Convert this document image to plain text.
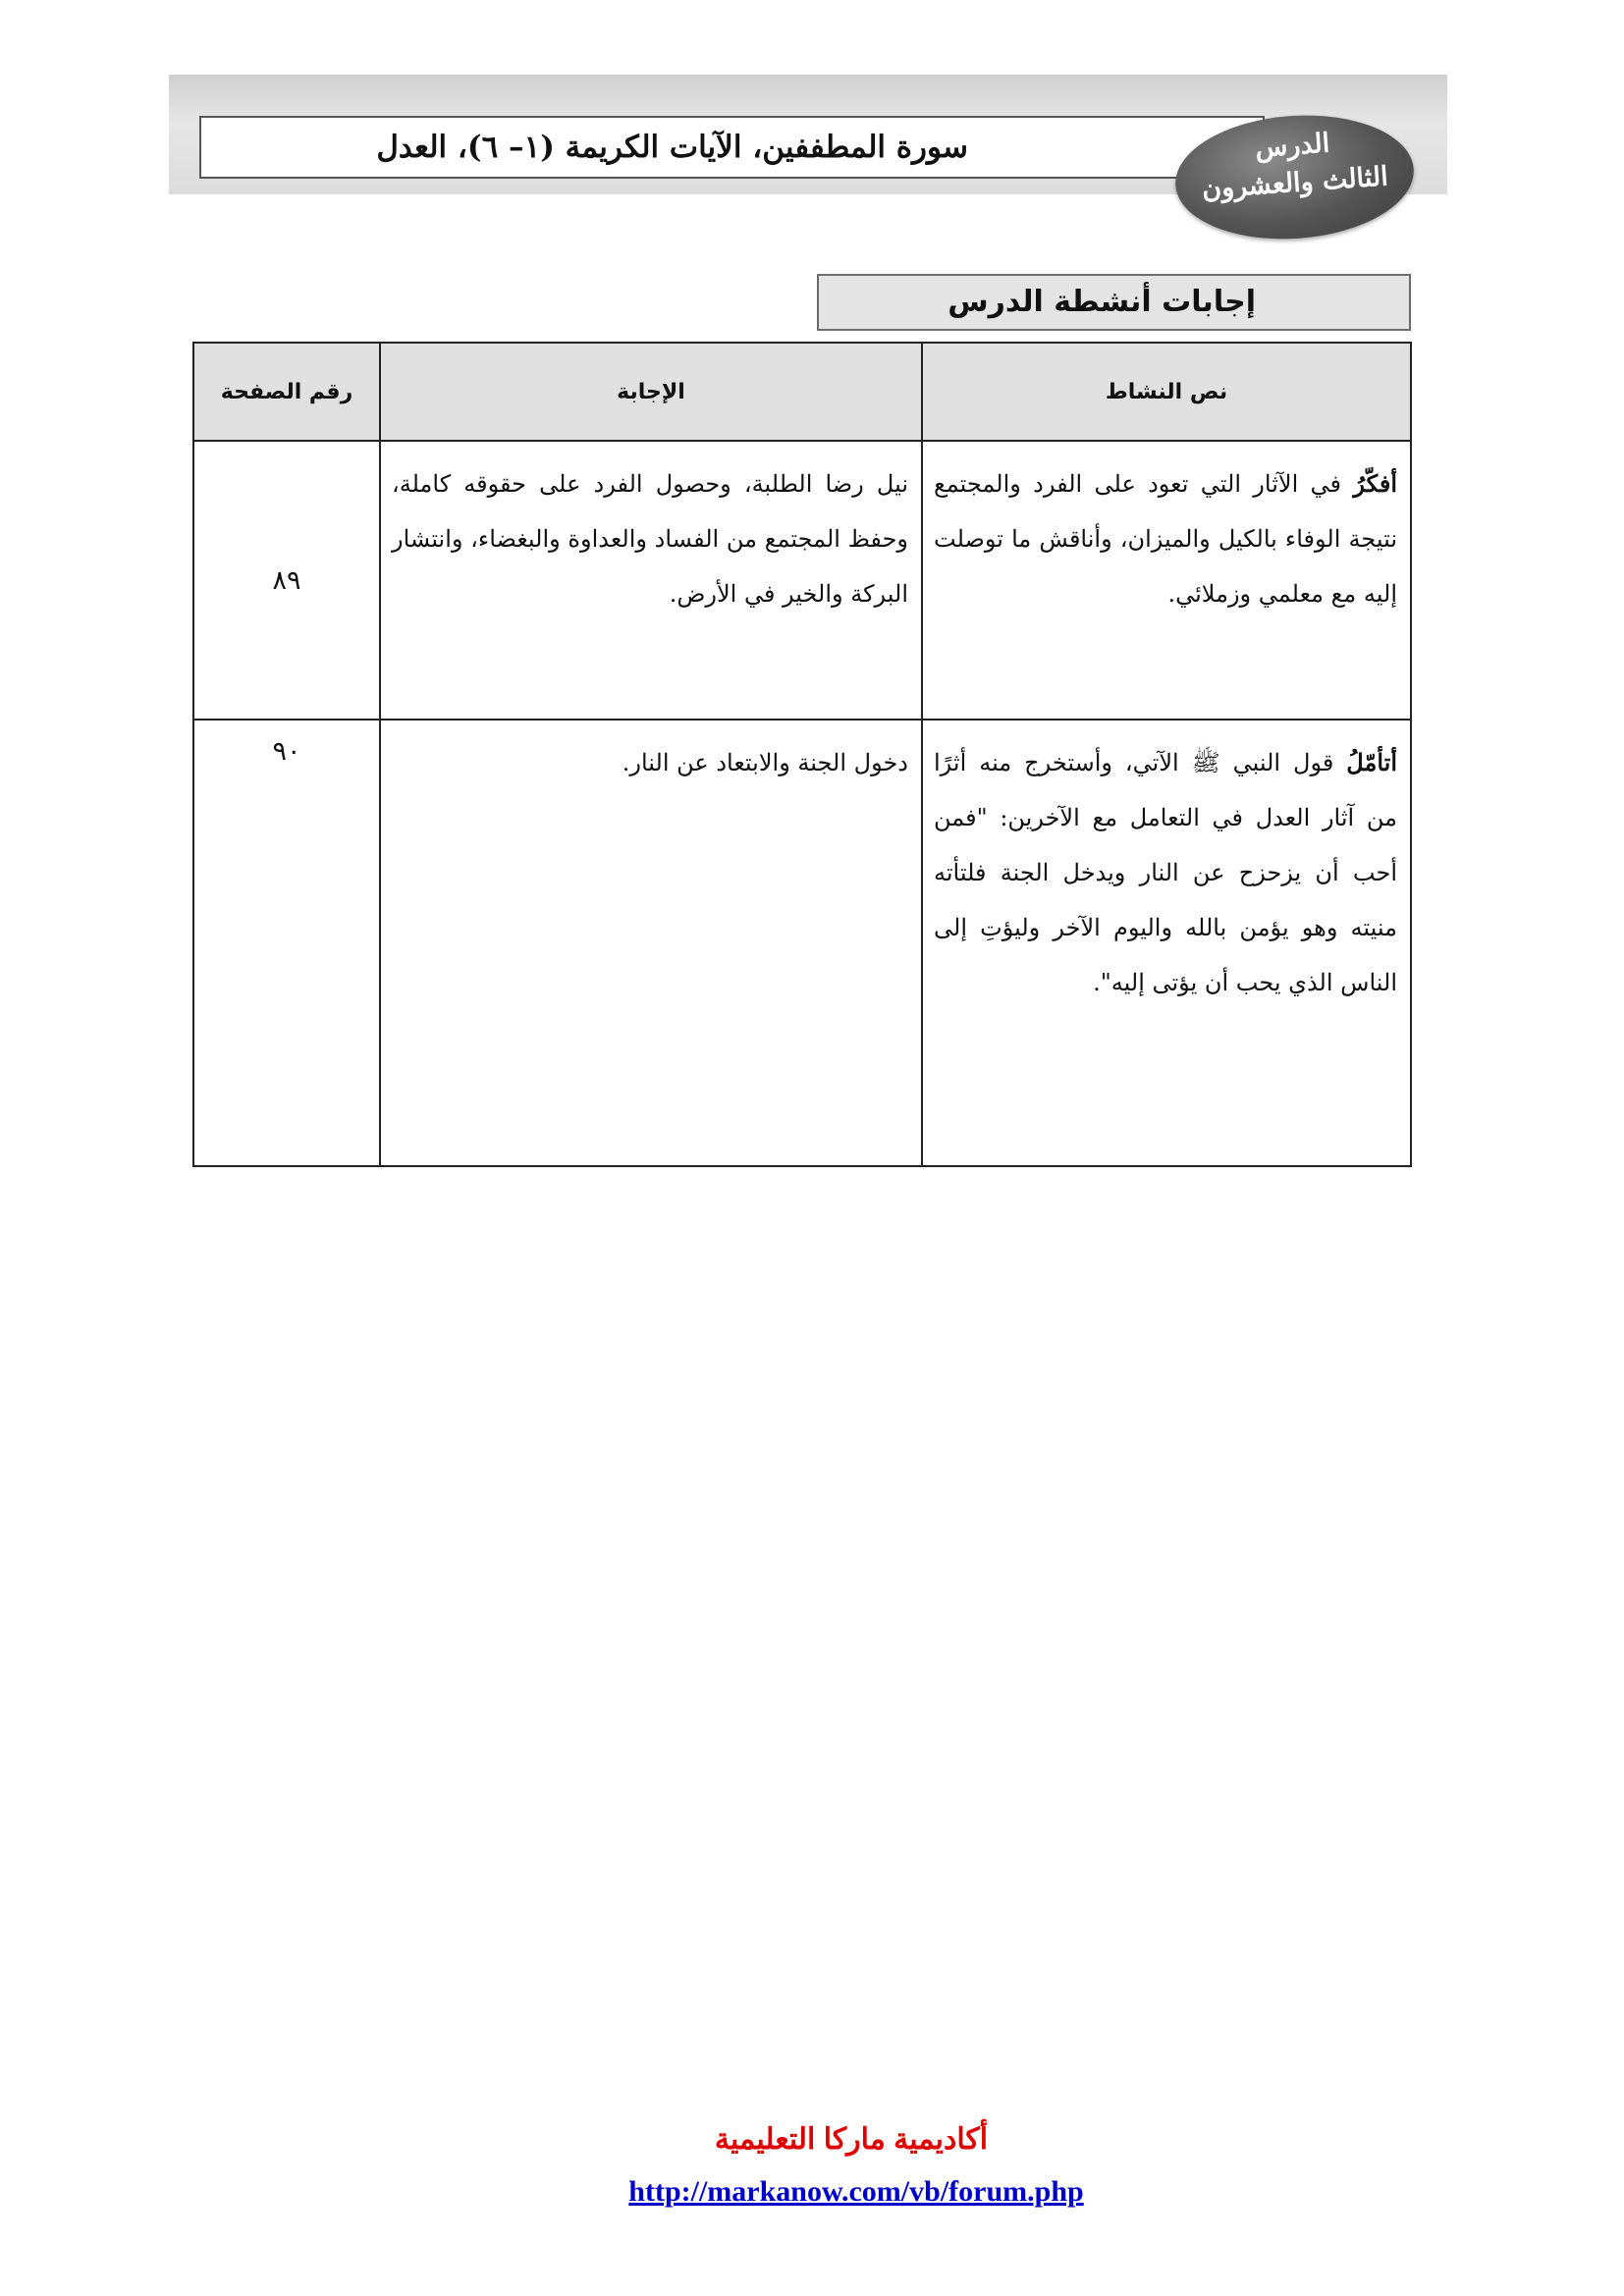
سورة المطففين، الآيات الكريمة (١– ٦)، العدل	الدرس
الثالث والعشرون
إجابات أنشطة الدرس
نص النشاط	الإجابة	رقم الصفحة

أفكّرُ في الآثار التي تعود على الفرد والمجتمع نتيجة الوفاء بالكيل والميزان، وأناقش ما توصلت إليه مع معلمي وزملائي.	نيل رضا الطلبة، وحصول الفرد على حقوقه كاملة، وحفظ المجتمع من الفساد والعداوة والبغضاء، وانتشار البركة والخير في الأرض.	٨٩

أتأمّلُ قول النبي ﷺ الآتي، وأستخرج منه أثرًا من آثار العدل في التعامل مع الآخرين: "فمن أحب أن يزحزح عن النار ويدخل الجنة فلتأته منيته وهو يؤمن بالله واليوم الآخر وليؤتِ إلى الناس الذي يحب أن يؤتى إليه".	دخول الجنة والابتعاد عن النار.	٩٠
أكاديمية ماركا التعليمية
http://markanow.com/vb/forum.php
